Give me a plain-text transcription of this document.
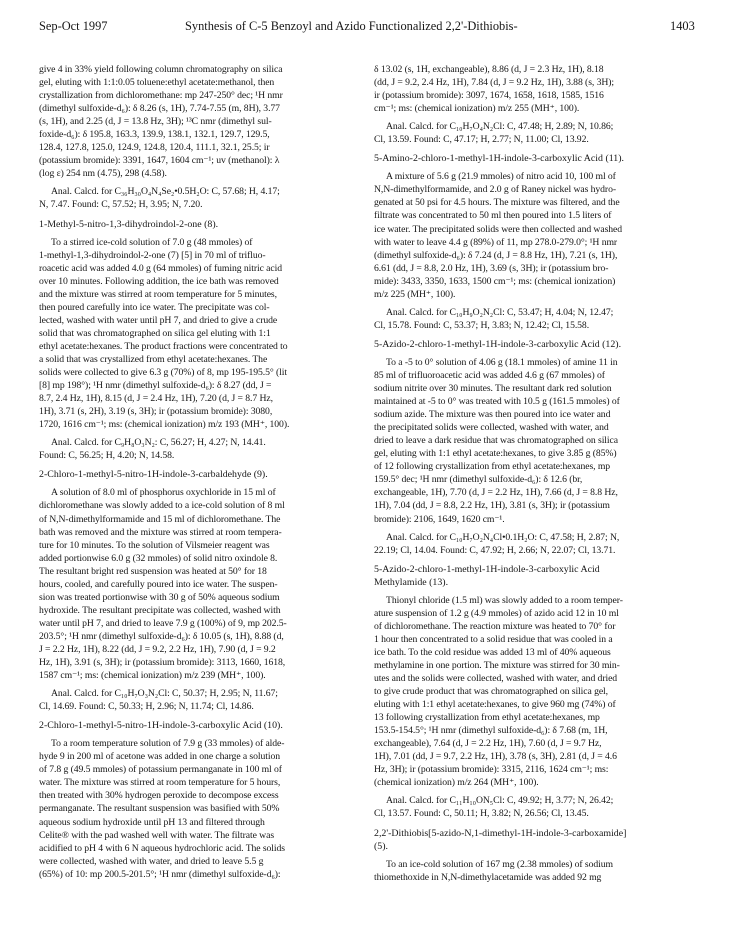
Sep-Oct 1997	Synthesis of C-5 Benzoyl and Azido Functionalized 2,2'-Dithiobis-	1403

give 4 in 33% yield following column chromatography on silica
gel, eluting with 1:1:0.05 toluene:ethyl acetate:methanol, then
crystallization from dichloromethane: mp 247-250° dec; ¹H nmr
(dimethyl sulfoxide-d₆): δ 8.26 (s, 1H), 7.74-7.55 (m, 8H), 3.77
(s, 1H), and 2.25 (d, J = 13.8 Hz, 3H); ¹³C nmr (dimethyl sul-
foxide-d₆): δ 195.8, 163.3, 139.9, 138.1, 132.1, 129.7, 129.5,
128.4, 127.8, 125.0, 124.9, 124.8, 120.4, 111.1, 32.1, 25.5; ir
(potassium bromide): 3391, 1647, 1604 cm⁻¹; uv (methanol): λ
(log ε) 254 nm (4.75), 298 (4.58).

Anal. Calcd. for C₃₆H₃₀O₄N₄Se₂•0.5H₂O: C, 57.68; H, 4.17;
N, 7.47. Found: C, 57.52; H, 3.95; N, 7.20.

1-Methyl-5-nitro-1,3-dihydroindol-2-one (8).

To a stirred ice-cold solution of 7.0 g (48 mmoles) of
1-methyl-1,3-dihydroindol-2-one (7) [5] in 70 ml of trifluo-
roacetic acid was added 4.0 g (64 mmoles) of fuming nitric acid
over 10 minutes. Following addition, the ice bath was removed
and the mixture was stirred at room temperature for 5 minutes,
then poured carefully into ice water. The precipitate was col-
lected, washed with water until pH 7, and dried to give a crude
solid that was chromatographed on silica gel eluting with 1:1
ethyl acetate:hexanes. The product fractions were concentrated to
a solid that was crystallized from ethyl acetate:hexanes. The
solids were collected to give 6.3 g (70%) of 8, mp 195-195.5° (lit
[8] mp 198°); ¹H nmr (dimethyl sulfoxide-d₆): δ 8.27 (dd, J =
8.7, 2.4 Hz, 1H), 8.15 (d, J = 2.4 Hz, 1H), 7.20 (d, J = 8.7 Hz,
1H), 3.71 (s, 2H), 3.19 (s, 3H); ir (potassium bromide): 3080,
1720, 1616 cm⁻¹; ms: (chemical ionization) m/z 193 (MH⁺, 100).

Anal. Calcd. for C₉H₈O₃N₂: C, 56.27; H, 4.27; N, 14.41.
Found: C, 56.25; H, 4.20; N, 14.58.

2-Chloro-1-methyl-5-nitro-1H-indole-3-carbaldehyde (9).

A solution of 8.0 ml of phosphorus oxychloride in 15 ml of
dichloromethane was slowly added to a ice-cold solution of 8 ml
of N,N-dimethylformamide and 15 ml of dichloromethane. The
bath was removed and the mixture was stirred at room tempera-
ture for 10 minutes. To the solution of Vilsmeier reagent was
added portionwise 6.0 g (32 mmoles) of solid nitro oxindole 8.
The resultant bright red suspension was heated at 50° for 18
hours, cooled, and carefully poured into ice water. The suspen-
sion was treated portionwise with 30 g of 50% aqueous sodium
hydroxide. The resultant precipitate was collected, washed with
water until pH 7, and dried to leave 7.9 g (100%) of 9, mp 202.5-
203.5°; ¹H nmr (dimethyl sulfoxide-d₆): δ 10.05 (s, 1H), 8.88 (d,
J = 2.2 Hz, 1H), 8.22 (dd, J = 9.2, 2.2 Hz, 1H), 7.90 (d, J = 9.2
Hz, 1H), 3.91 (s, 3H); ir (potassium bromide): 3113, 1660, 1618,
1587 cm⁻¹; ms: (chemical ionization) m/z 239 (MH⁺, 100).

Anal. Calcd. for C₁₀H₇O₃N₂Cl: C, 50.37; H, 2.95; N, 11.67;
Cl, 14.69. Found: C, 50.33; H, 2.96; N, 11.74; Cl, 14.86.

2-Chloro-1-methyl-5-nitro-1H-indole-3-carboxylic Acid (10).

To a room temperature solution of 7.9 g (33 mmoles) of alde-
hyde 9 in 200 ml of acetone was added in one charge a solution
of 7.8 g (49.5 mmoles) of potassium permanganate in 100 ml of
water. The mixture was stirred at room temperature for 5 hours,
then treated with 30% hydrogen peroxide to decompose excess
permanganate. The resultant suspension was basified with 50%
aqueous sodium hydroxide until pH 13 and filtered through
Celite® with the pad washed well with water. The filtrate was
acidified to pH 4 with 6 N aqueous hydrochloric acid. The solids
were collected, washed with water, and dried to leave 5.5 g
(65%) of 10: mp 200.5-201.5°; ¹H nmr (dimethyl sulfoxide-d₆):

δ 13.02 (s, 1H, exchangeable), 8.86 (d, J = 2.3 Hz, 1H), 8.18
(dd, J = 9.2, 2.4 Hz, 1H), 7.84 (d, J = 9.2 Hz, 1H), 3.88 (s, 3H);
ir (potassium bromide): 3097, 1674, 1658, 1618, 1585, 1516
cm⁻¹; ms: (chemical ionization) m/z 255 (MH⁺, 100).

Anal. Calcd. for C₁₀H₇O₄N₂Cl: C, 47.48; H, 2.89; N, 10.86;
Cl, 13.59. Found: C, 47.17; H, 2.77; N, 11.00; Cl, 13.92.

5-Amino-2-chloro-1-methyl-1H-indole-3-carboxylic Acid (11).

A mixture of 5.6 g (21.9 mmoles) of nitro acid 10, 100 ml of
N,N-dimethylformamide, and 2.0 g of Raney nickel was hydro-
genated at 50 psi for 4.5 hours. The mixture was filtered, and the
filtrate was concentrated to 50 ml then poured into 1.5 liters of
ice water. The precipitated solids were then collected and washed
with water to leave 4.4 g (89%) of 11, mp 278.0-279.0°; ¹H nmr
(dimethyl sulfoxide-d₆): δ 7.24 (d, J = 8.8 Hz, 1H), 7.21 (s, 1H),
6.61 (dd, J = 8.8, 2.0 Hz, 1H), 3.69 (s, 3H); ir (potassium bro-
mide): 3433, 3350, 1633, 1500 cm⁻¹; ms: (chemical ionization)
m/z 225 (MH⁺, 100).

Anal. Calcd. for C₁₀H₉O₂N₂Cl: C, 53.47; H, 4.04; N, 12.47;
Cl, 15.78. Found: C, 53.37; H, 3.83; N, 12.42; Cl, 15.58.

5-Azido-2-chloro-1-methyl-1H-indole-3-carboxylic Acid (12).

To a -5 to 0° solution of 4.06 g (18.1 mmoles) of amine 11 in
85 ml of trifluoroacetic acid was added 4.6 g (67 mmoles) of
sodium nitrite over 30 minutes. The resultant dark red solution
maintained at -5 to 0° was treated with 10.5 g (161.5 mmoles) of
sodium azide. The mixture was then poured into ice water and
the precipitated solids were collected, washed with water, and
dried to leave a dark residue that was chromatographed on silica
gel, eluting with 1:1 ethyl acetate:hexanes, to give 3.85 g (85%)
of 12 following crystallization from ethyl acetate:hexanes, mp
159.5° dec; ¹H nmr (dimethyl sulfoxide-d₆): δ 12.6 (br,
exchangeable, 1H), 7.70 (d, J = 2.2 Hz, 1H), 7.66 (d, J = 8.8 Hz,
1H), 7.04 (dd, J = 8.8, 2.2 Hz, 1H), 3.81 (s, 3H); ir (potassium
bromide): 2106, 1649, 1620 cm⁻¹.

Anal. Calcd. for C₁₀H₇O₂N₄Cl•0.1H₂O: C, 47.58; H, 2.87; N,
22.19; Cl, 14.04. Found: C, 47.92; H, 2.66; N, 22.07; Cl, 13.71.

5-Azido-2-chloro-1-methyl-1H-indole-3-carboxylic Acid
Methylamide (13).

Thionyl chloride (1.5 ml) was slowly added to a room temper-
ature suspension of 1.2 g (4.9 mmoles) of azido acid 12 in 10 ml
of dichloromethane. The reaction mixture was heated to 70° for
1 hour then concentrated to a solid residue that was cooled in a
ice bath. To the cold residue was added 13 ml of 40% aqueous
methylamine in one portion. The mixture was stirred for 30 min-
utes and the solids were collected, washed with water, and dried
to give crude product that was chromatographed on silica gel,
eluting with 1:1 ethyl acetate:hexanes, to give 960 mg (74%) of
13 following crystallization from ethyl acetate:hexanes, mp
153.5-154.5°; ¹H nmr (dimethyl sulfoxide-d₆): δ 7.68 (m, 1H,
exchangeable), 7.64 (d, J = 2.2 Hz, 1H), 7.60 (d, J = 9.7 Hz,
1H), 7.01 (dd, J = 9.7, 2.2 Hz, 1H), 3.78 (s, 3H), 2.81 (d, J = 4.6
Hz, 3H); ir (potassium bromide): 3315, 2116, 1624 cm⁻¹; ms:
(chemical ionization) m/z 264 (MH⁺, 100).

Anal. Calcd. for C₁₁H₁₀ON₅Cl: C, 49.92; H, 3.77; N, 26.42;
Cl, 13.57. Found: C, 50.11; H, 3.82; N, 26.56; Cl, 13.45.

2,2'-Dithiobis[5-azido-N,1-dimethyl-1H-indole-3-carboxamide]
(5).

To an ice-cold solution of 167 mg (2.38 mmoles) of sodium
thiomethoxide in N,N-dimethylacetamide was added 92 mg
